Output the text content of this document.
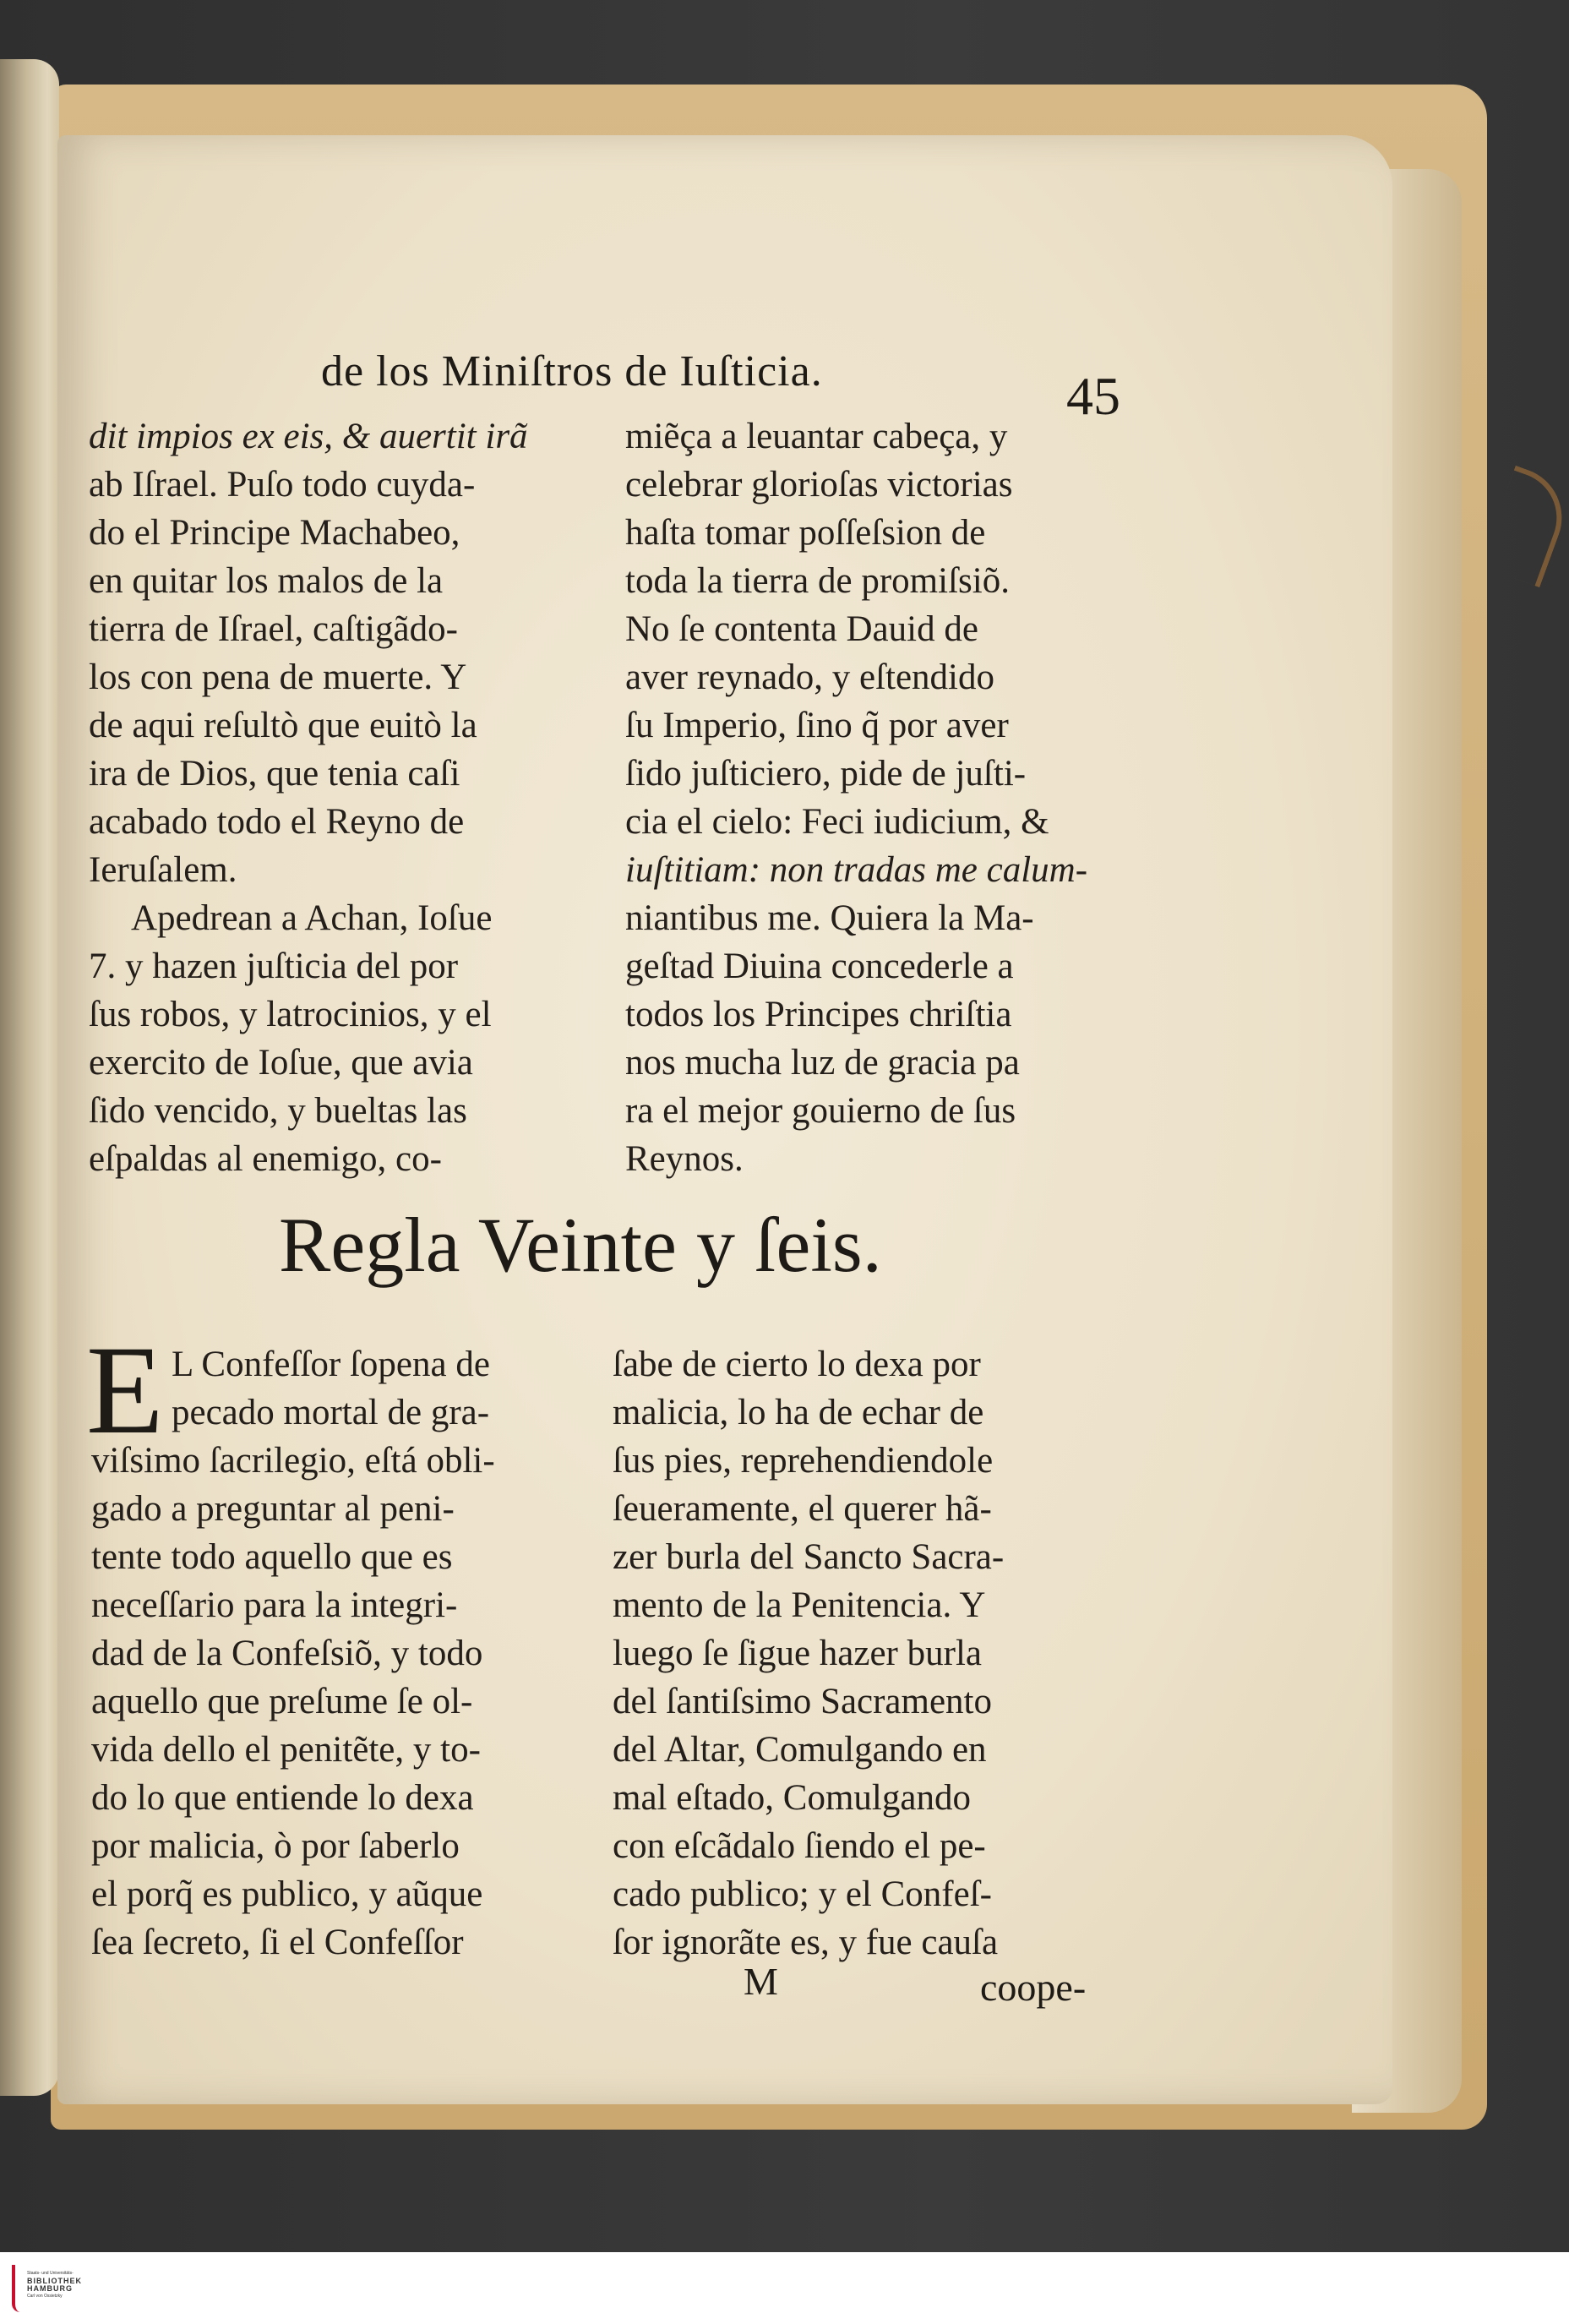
de los Miniſtros de Iuſticia.	45
dit impios ex eis, & auertit irã
ab Iſrael. Puſo todo cuyda-
do el Principe Machabeo,
en quitar los malos de la
tierra de Iſrael, caſtigãdo-
los con pena de muerte. Y
de aqui reſultò que euitò la
ira de Dios, que tenia caſi
acabado todo el Reyno de
Ieruſalem.
Apedrean a Achan, Ioſue
7. y hazen juſticia del por
ſus robos, y latrocinios, y el
exercito de Ioſue, que avia
ſido vencido, y bueltas las
eſpaldas al enemigo, co-
miẽça a leuantar cabeça, y
celebrar glorioſas victorias
haſta tomar poſſeſsion de
toda la tierra de promiſsiõ.
No ſe contenta Dauid de
aver reynado, y eſtendido
ſu Imperio, ſino q̃ por aver
ſido juſticiero, pide de juſti-
cia el cielo: Feci iudicium, &
iuſtitiam: non tradas me calum-
niantibus me. Quiera la Ma-
geſtad Diuina concederle a
todos los Principes chriſtia
nos mucha luz de gracia pa
ra el mejor gouierno de ſus
Reynos.
Regla Veinte y ſeis.
E L Confeſſor ſopena de
pecado mortal de gra-
viſsimo ſacrilegio, eſtá obli-
gado a preguntar al peni-
tente todo aquello que es
neceſſario para la integri-
dad de la Confeſsiõ, y todo
aquello que preſume ſe ol-
vida dello el penitẽte, y to-
do lo que entiende lo dexa
por malicia, ò por ſaberlo
el porq̃ es publico, y aũque
ſea ſecreto, ſi el Confeſſor
ſabe de cierto lo dexa por
malicia, lo ha de echar de
ſus pies, reprehendiendole
ſeueramente, el querer hã-
zer burla del Sancto Sacra-
mento de la Penitencia. Y
luego ſe ſigue hazer burla
del ſantiſsimo Sacramento
del Altar, Comulgando en
mal eſtado, Comulgando
con eſcãdalo ſiendo el pe-
cado publico; y el Confeſ-
ſor ignorãte es, y fue cauſa
M	coope-
Staats- und Universitäts-
BIBLIOTHEK
HAMBURG
Carl von Ossietzky
